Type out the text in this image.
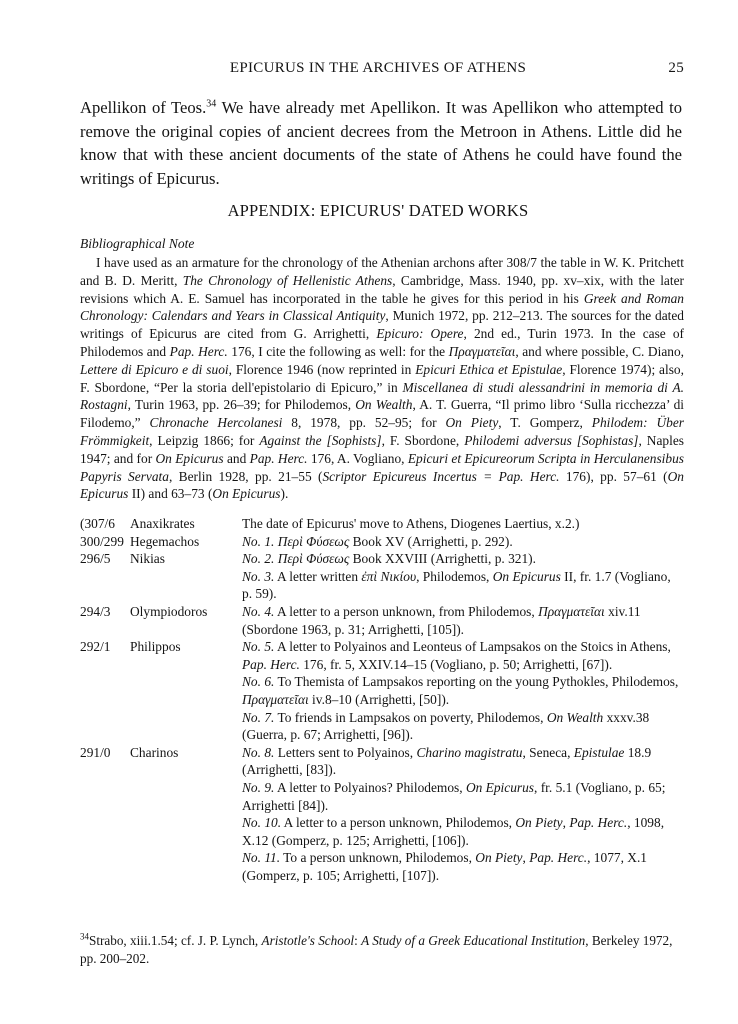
EPICURUS IN THE ARCHIVES OF ATHENS	25

Apellikon of Teos.$^{34}$ We have already met Apellikon. It was Apellikon who attempted to remove the original copies of ancient decrees from the Metroon in Athens. Little did he know that with these ancient documents of the state of Athens he could have found the writings of Epicurus.

APPENDIX: EPICURUS' DATED WORKS
Bibliographical Note

I have used as an armature for the chronology of the Athenian archons after 308/7 the table in W. K. Pritchett and B. D. Meritt, The Chronology of Hellenistic Athens, Cambridge, Mass. 1940, pp. xv–xix, with the later revisions which A. E. Samuel has incorporated in the table he gives for this period in his Greek and Roman Chronology: Calendars and Years in Classical Antiquity, Munich 1972, pp. 212–213. The sources for the dated writings of Epicurus are cited from G. Arrighetti, Epicuro: Opere, 2nd ed., Turin 1973. In the case of Philodemos and Pap. Herc. 176, I cite the following as well: for the Πραγματεῖαι, and where possible, C. Diano, Lettere di Epicuro e di suoi, Florence 1946 (now reprinted in Epicuri Ethica et Epistulae, Florence 1974); also, F. Sbordone, “Per la storia dell'epistolario di Epicuro,” in Miscellanea di studi alessandrini in memoria di A. Rostagni, Turin 1963, pp. 26–39; for Philodemos, On Wealth, A. T. Guerra, “Il primo libro ‘Sulla ricchezza’ di Filodemo,” Chronache Hercolanesi 8, 1978, pp. 52–95; for On Piety, T. Gomperz, Philodem: Über Frömmigkeit, Leipzig 1866; for Against the [Sophists], F. Sbordone, Philodemi adversus [Sophistas], Naples 1947; and for On Epicurus and Pap. Herc. 176, A. Vogliano, Epicuri et Epicureorum Scripta in Herculanensibus Papyris Servata, Berlin 1928, pp. 21–55 (Scriptor Epicureus Incertus = Pap. Herc. 176), pp. 57–61 (On Epicurus II) and 63–73 (On Epicurus).

(307/6	Anaxikrates	The date of Epicurus' move to Athens, Diogenes Laertius, x.2.)
300/299 Hegemachos	No. 1. Περὶ Φύσεως Book XV (Arrighetti, p. 292).
296/5	Nikias	No. 2. Περὶ Φύσεως Book XXVIII (Arrighetti, p. 321).
No. 3. A letter written ἐπὶ Νικίου, Philodemos, On Epicurus II, fr. 1.7 (Vogliano, p. 59).
294/3	Olympiodoros	No. 4. A letter to a person unknown, from Philodemos, Πραγματεῖαι xiv.11 (Sbordone 1963, p. 31; Arrighetti, [105]).
292/1	Philippos	No. 5. A letter to Polyainos and Leonteus of Lampsakos on the Stoics in Athens, Pap. Herc. 176, fr. 5, XXIV.14–15 (Vogliano, p. 50; Arrighetti, [67]).
No. 6. To Themista of Lampsakos reporting on the young Pythokles, Philodemos, Πραγματεῖαι iv.8–10 (Arrighetti, [50]).
No. 7. To friends in Lampsakos on poverty, Philodemos, On Wealth xxxv.38 (Guerra, p. 67; Arrighetti, [96]).
291/0	Charinos	No. 8. Letters sent to Polyainos, Charino magistratu, Seneca, Epistulae 18.9 (Arrighetti, [83]).
No. 9. A letter to Polyainos? Philodemos, On Epicurus, fr. 5.1 (Vogliano, p. 65; Arrighetti [84]).
No. 10. A letter to a person unknown, Philodemos, On Piety, Pap. Herc., 1098, X.12 (Gomperz, p. 125; Arrighetti, [106]).
No. 11. To a person unknown, Philodemos, On Piety, Pap. Herc., 1077, X.1 (Gomperz, p. 105; Arrighetti, [107]).

$^{34}$Strabo, xiii.1.54; cf. J. P. Lynch, Aristotle's School: A Study of a Greek Educational Institution, Berkeley 1972, pp. 200–202.
